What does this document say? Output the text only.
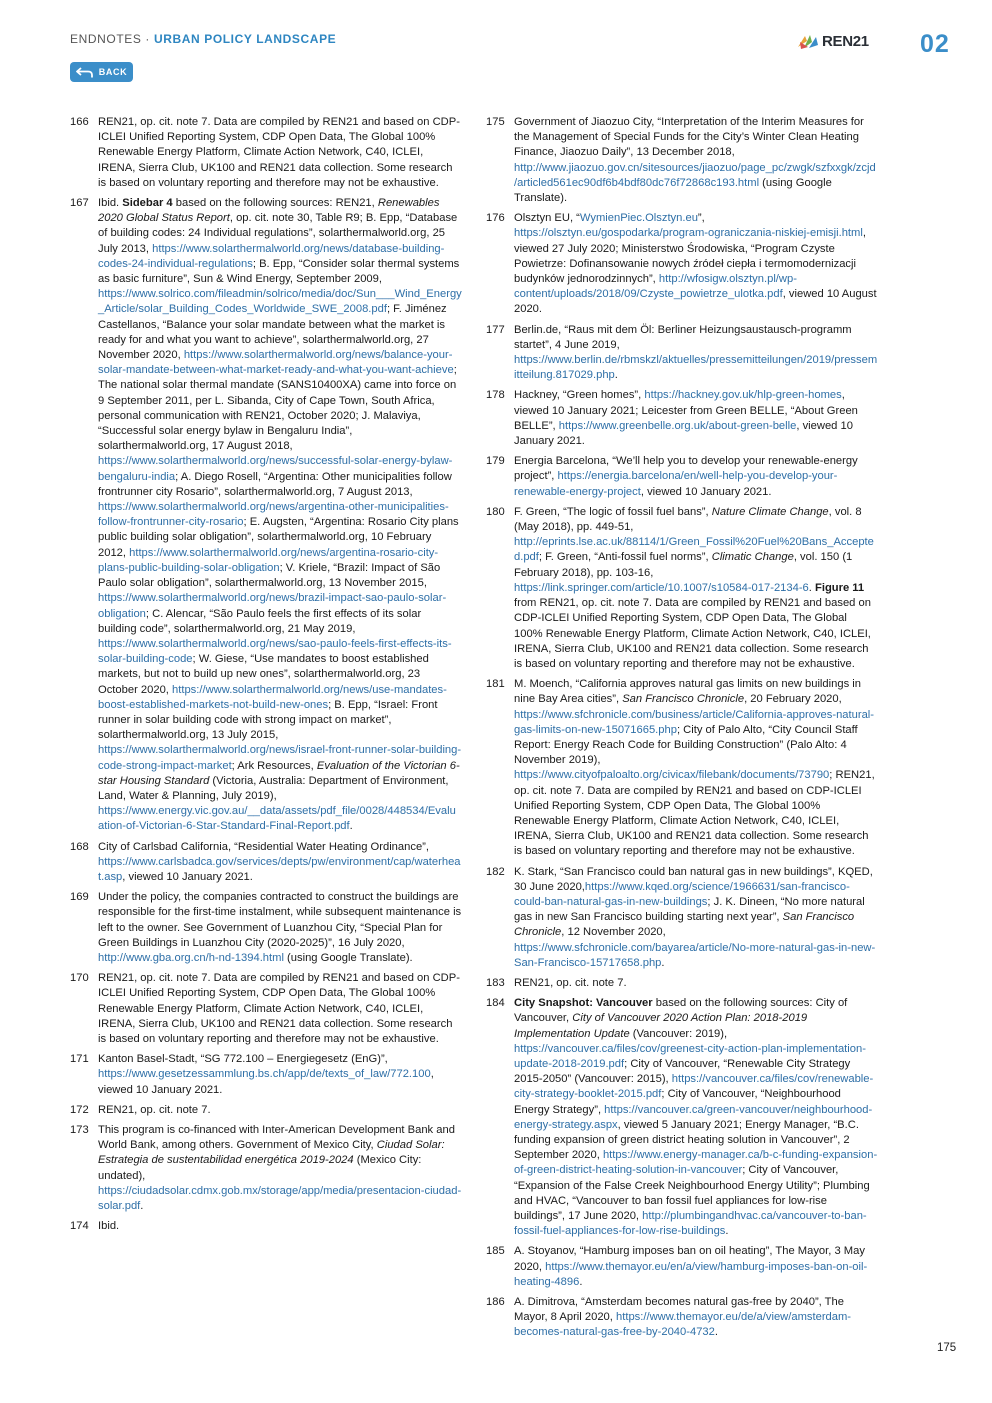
ENDNOTES · URBAN POLICY LANDSCAPE
BACK
REN21 02
166 REN21, op. cit. note 7. Data are compiled by REN21 and based on CDP-ICLEI Unified Reporting System, CDP Open Data, The Global 100% Renewable Energy Platform, Climate Action Network, C40, ICLEI, IRENA, Sierra Club, UK100 and REN21 data collection. Some research is based on voluntary reporting and therefore may not be exhaustive.
167 Ibid. Sidebar 4 based on the following sources: REN21, Renewables 2020 Global Status Report, op. cit. note 30, Table R9; B. Epp, “Database of building codes: 24 Individual regulations”, solarthermalworld.org, 25 July 2013, https://www.solarthermalworld.org/news/database-building-codes-24-individual-regulations; B. Epp, “Consider solar thermal systems as basic furniture”, Sun & Wind Energy, September 2009, https://www.solrico.com/fileadmin/solrico/media/doc/Sun___Wind_Energy_Article/solar_Building_Codes_Worldwide_SWE_2008.pdf; F. Jiménez Castellanos, “Balance your solar mandate between what the market is ready for and what you want to achieve”, solarthermalworld.org, 27 November 2020, https://www.solarthermalworld.org/news/balance-your-solar-mandate-between-what-market-ready-and-what-you-want-achieve; The national solar thermal mandate (SANS10400XA) came into force on 9 September 2011, per L. Sibanda, City of Cape Town, South Africa, personal communication with REN21, October 2020; J. Malaviya, “Successful solar energy bylaw in Bengaluru India”, solarthermalworld.org, 17 August 2018, https://www.solarthermalworld.org/news/successful-solar-energy-bylaw-bengaluru-india; A. Diego Rosell, “Argentina: Other municipalities follow frontrunner city Rosario”, solarthermalworld.org, 7 August 2013, https://www.solarthermalworld.org/news/argentina-other-municipalities-follow-frontrunner-city-rosario; E. Augsten, “Argentina: Rosario City plans public building solar obligation”, solarthermalworld.org, 10 February 2012, https://www.solarthermalworld.org/news/argentina-rosario-city-plans-public-building-solar-obligation; V. Kriele, “Brazil: Impact of São Paulo solar obligation”, solarthermalworld.org, 13 November 2015, https://www.solarthermalworld.org/news/brazil-impact-sao-paulo-solar-obligation; C. Alencar, “São Paulo feels the first effects of its solar building code”, solarthermalworld.org, 21 May 2019, https://www.solarthermalworld.org/news/sao-paulo-feels-first-effects-its-solar-building-code; W. Giese, “Use mandates to boost established markets, but not to build up new ones”, solarthermalworld.org, 23 October 2020, https://www.solarthermalworld.org/news/use-mandates-boost-established-markets-not-build-new-ones; B. Epp, “Israel: Front runner in solar building code with strong impact on market”, solarthermalworld.org, 13 July 2015, https://www.solarthermalworld.org/news/israel-front-runner-solar-building-code-strong-impact-market; Ark Resources, Evaluation of the Victorian 6-star Housing Standard (Victoria, Australia: Department of Environment, Land, Water & Planning, July 2019), https://www.energy.vic.gov.au/__data/assets/pdf_file/0028/448534/Evaluation-of-Victorian-6-Star-Standard-Final-Report.pdf.
168 City of Carlsbad California, “Residential Water Heating Ordinance”, https://www.carlsbadca.gov/services/depts/pw/environment/cap/waterheat.asp, viewed 10 January 2021.
169 Under the policy, the companies contracted to construct the buildings are responsible for the first-time instalment, while subsequent maintenance is left to the owner. See Government of Luanzhou City, “Special Plan for Green Buildings in Luanzhou City (2020-2025)”, 16 July 2020, http://www.gba.org.cn/h-nd-1394.html (using Google Translate).
170 REN21, op. cit. note 7. Data are compiled by REN21 and based on CDP-ICLEI Unified Reporting System, CDP Open Data, The Global 100% Renewable Energy Platform, Climate Action Network, C40, ICLEI, IRENA, Sierra Club, UK100 and REN21 data collection. Some research is based on voluntary reporting and therefore may not be exhaustive.
171 Kanton Basel-Stadt, “SG 772.100 – Energiegesetz (EnG)”, https://www.gesetzessammlung.bs.ch/app/de/texts_of_law/772.100, viewed 10 January 2021.
172 REN21, op. cit. note 7.
173 This program is co-financed with Inter-American Development Bank and World Bank, among others. Government of Mexico City, Ciudad Solar: Estrategia de sustentabilidad energética 2019-2024 (Mexico City: undated), https://ciudadsolar.cdmx.gob.mx/storage/app/media/presentacion-ciudad-solar.pdf.
174 Ibid.
175 Government of Jiaozuo City, “Interpretation of the Interim Measures for the Management of Special Funds for the City’s Winter Clean Heating Finance, Jiaozuo Daily”, 13 December 2018, http://www.jiaozuo.gov.cn/sitesources/jiaozuo/page_pc/zwgk/szfxxgk/zcjd/articled561ec90df6b4bdf80dc76f72868c193.html (using Google Translate).
176 Olsztyn EU, “WymienPiec.Olsztyn.eu”, https://olsztyn.eu/gospodarka/program-ograniczania-niskiej-emisji.html, viewed 27 July 2020; Ministerstwo Środowiska, “Program Czyste Powietrze: Dofinansowanie nowych źródeł ciepła i termomodernizacji budynków jednorodzinnych”, http://wfosigw.olsztyn.pl/wp-content/uploads/2018/09/Czyste_powietrze_ulotka.pdf, viewed 10 August 2020.
177 Berlin.de, “Raus mit dem Öl: Berliner Heizungsaustausch-programm startet”, 4 June 2019, https://www.berlin.de/rbmskzl/aktuelles/pressemitteilungen/2019/pressemitteilung.817029.php.
178 Hackney, “Green homes”, https://hackney.gov.uk/hlp-green-homes, viewed 10 January 2021; Leicester from Green BELLE, “About Green BELLE”, https://www.greenbelle.org.uk/about-green-belle, viewed 10 January 2021.
179 Energia Barcelona, “We’ll help you to develop your renewable-energy project”, https://energia.barcelona/en/well-help-you-develop-your-renewable-energy-project, viewed 10 January 2021.
180 F. Green, “The logic of fossil fuel bans”, Nature Climate Change, vol. 8 (May 2018), pp. 449-51, http://eprints.lse.ac.uk/88114/1/Green_Fossil%20Fuel%20Bans_Accepted.pdf; F. Green, “Anti-fossil fuel norms”, Climatic Change, vol. 150 (1 February 2018), pp. 103-16, https://link.springer.com/article/10.1007/s10584-017-2134-6. Figure 11 from REN21, op. cit. note 7. Data are compiled by REN21 and based on CDP-ICLEI Unified Reporting System, CDP Open Data, The Global 100% Renewable Energy Platform, Climate Action Network, C40, ICLEI, IRENA, Sierra Club, UK100 and REN21 data collection. Some research is based on voluntary reporting and therefore may not be exhaustive.
181 M. Moench, “California approves natural gas limits on new buildings in nine Bay Area cities”, San Francisco Chronicle, 20 February 2020, https://www.sfchronicle.com/business/article/California-approves-natural-gas-limits-on-new-15071665.php; City of Palo Alto, “City Council Staff Report: Energy Reach Code for Building Construction” (Palo Alto: 4 November 2019), https://www.cityofpaloalto.org/civicax/filebank/documents/73790; REN21, op. cit. note 7. Data are compiled by REN21 and based on CDP-ICLEI Unified Reporting System, CDP Open Data, The Global 100% Renewable Energy Platform, Climate Action Network, C40, ICLEI, IRENA, Sierra Club, UK100 and REN21 data collection. Some research is based on voluntary reporting and therefore may not be exhaustive.
182 K. Stark, “San Francisco could ban natural gas in new buildings”, KQED, 30 June 2020,https://www.kqed.org/science/1966631/san-francisco-could-ban-natural-gas-in-new-buildings; J. K. Dineen, “No more natural gas in new San Francisco building starting next year”, San Francisco Chronicle, 12 November 2020, https://www.sfchronicle.com/bayarea/article/No-more-natural-gas-in-new-San-Francisco-15717658.php.
183 REN21, op. cit. note 7.
184 City Snapshot: Vancouver based on the following sources: City of Vancouver, City of Vancouver 2020 Action Plan: 2018-2019 Implementation Update (Vancouver: 2019), https://vancouver.ca/files/cov/greenest-city-action-plan-implementation-update-2018-2019.pdf; City of Vancouver, “Renewable City Strategy 2015-2050” (Vancouver: 2015), https://vancouver.ca/files/cov/renewable-city-strategy-booklet-2015.pdf; City of Vancouver, “Neighbourhood Energy Strategy”, https://vancouver.ca/green-vancouver/neighbourhood-energy-strategy.aspx, viewed 5 January 2021; Energy Manager, “B.C. funding expansion of green district heating solution in Vancouver”, 2 September 2020, https://www.energy-manager.ca/b-c-funding-expansion-of-green-district-heating-solution-in-vancouver; City of Vancouver, “Expansion of the False Creek Neighbourhood Energy Utility”; Plumbing and HVAC, “Vancouver to ban fossil fuel appliances for low-rise buildings”, 17 June 2020, http://plumbingandhvac.ca/vancouver-to-ban-fossil-fuel-appliances-for-low-rise-buildings.
185 A. Stoyanov, “Hamburg imposes ban on oil heating”, The Mayor, 3 May 2020, https://www.themayor.eu/en/a/view/hamburg-imposes-ban-on-oil-heating-4896.
186 A. Dimitrova, “Amsterdam becomes natural gas-free by 2040”, The Mayor, 8 April 2020, https://www.themayor.eu/de/a/view/amsterdam-becomes-natural-gas-free-by-2040-4732.
175
